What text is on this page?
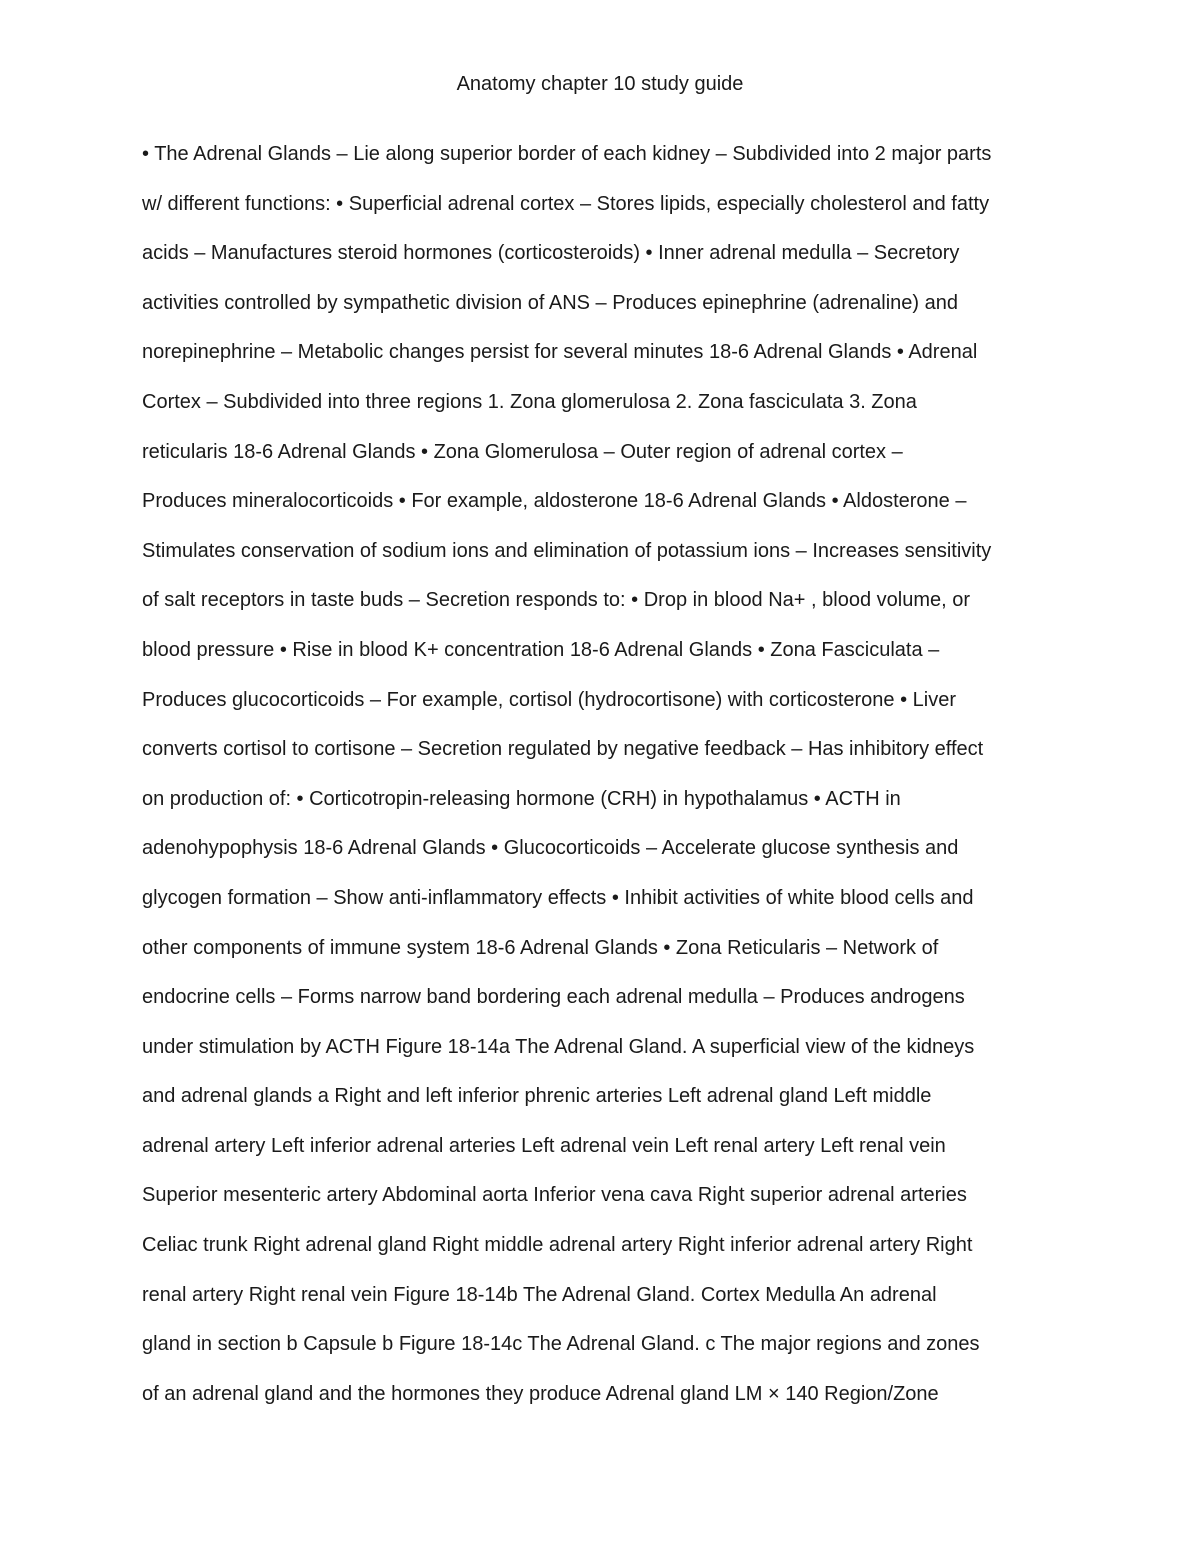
Anatomy chapter 10 study guide
• The Adrenal Glands – Lie along superior border of each kidney – Subdivided into 2 major parts
w/ different functions: • Superficial adrenal cortex – Stores lipids, especially cholesterol and fatty
acids – Manufactures steroid hormones (corticosteroids) • Inner adrenal medulla – Secretory
activities controlled by sympathetic division of ANS – Produces epinephrine (adrenaline) and
norepinephrine – Metabolic changes persist for several minutes 18-6 Adrenal Glands • Adrenal
Cortex – Subdivided into three regions 1. Zona glomerulosa 2. Zona fasciculata 3. Zona
reticularis 18-6 Adrenal Glands • Zona Glomerulosa – Outer region of adrenal cortex –
Produces mineralocorticoids • For example, aldosterone 18-6 Adrenal Glands • Aldosterone –
Stimulates conservation of sodium ions and elimination of potassium ions – Increases sensitivity
of salt receptors in taste buds – Secretion responds to: • Drop in blood Na+ , blood volume, or
blood pressure • Rise in blood K+ concentration 18-6 Adrenal Glands • Zona Fasciculata –
Produces glucocorticoids – For example, cortisol (hydrocortisone) with corticosterone • Liver
converts cortisol to cortisone – Secretion regulated by negative feedback – Has inhibitory effect
on production of: • Corticotropin-releasing hormone (CRH) in hypothalamus • ACTH in
adenohypophysis 18-6 Adrenal Glands • Glucocorticoids – Accelerate glucose synthesis and
glycogen formation – Show anti-inflammatory effects • Inhibit activities of white blood cells and
other components of immune system 18-6 Adrenal Glands • Zona Reticularis – Network of
endocrine cells – Forms narrow band bordering each adrenal medulla – Produces androgens
under stimulation by ACTH Figure 18-14a The Adrenal Gland. A superficial view of the kidneys
and adrenal glands a Right and left inferior phrenic arteries Left adrenal gland Left middle
adrenal artery Left inferior adrenal arteries Left adrenal vein Left renal artery Left renal vein
Superior mesenteric artery Abdominal aorta Inferior vena cava Right superior adrenal arteries
Celiac trunk Right adrenal gland Right middle adrenal artery Right inferior adrenal artery Right
renal artery Right renal vein Figure 18-14b The Adrenal Gland. Cortex Medulla An adrenal
gland in section b Capsule b Figure 18-14c The Adrenal Gland. c The major regions and zones
of an adrenal gland and the hormones they produce Adrenal gland LM × 140 Region/Zone
